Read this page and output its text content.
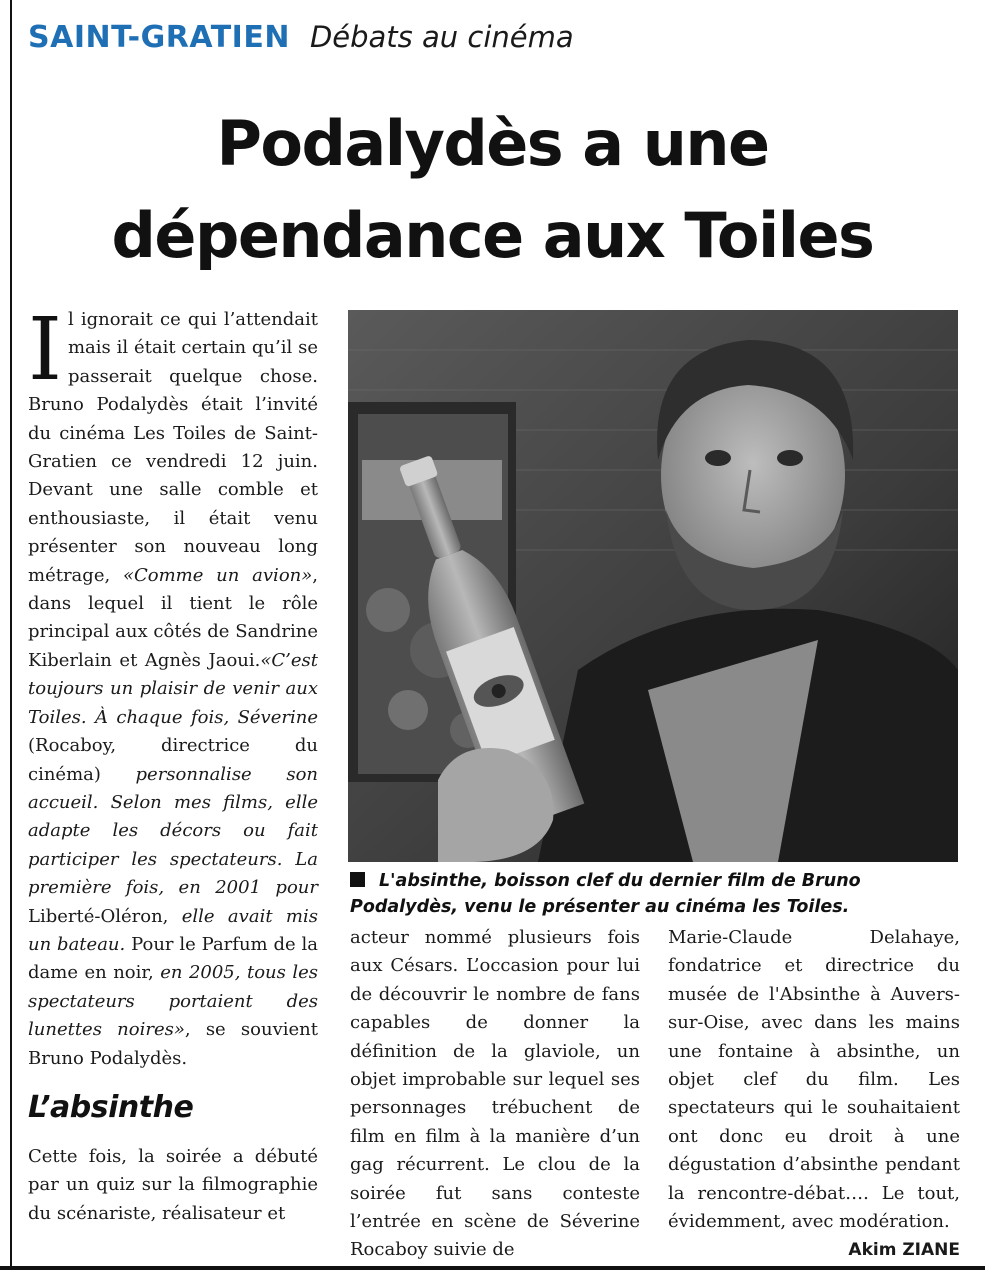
SAINT-GRATIEN Débats au cinéma
Podalydès a une
dépendance aux Toiles

Il ignorait ce qui l’attendait mais il était certain qu’il se passerait quelque chose. Bruno Podalydès était l’invité du cinéma Les Toiles de Saint-Gratien ce vendredi 12 juin. Devant une salle comble et enthousiaste, il était venu présenter son nouveau long métrage, «Comme un avion», dans lequel il tient le rôle principal aux côtés de Sandrine Kiberlain et Agnès Jaoui.«C’est toujours un plaisir de venir aux Toiles. À chaque fois, Séverine (Rocaboy, directrice du cinéma) personnalise son accueil. Selon mes films, elle adapte les décors ou fait participer les spectateurs. La première fois, en 2001 pour Liberté-Oléron, elle avait mis un bateau. Pour le Parfum de la dame en noir, en 2005, tous les spectateurs portaient des lunettes noires», se souvient Bruno Podalydès.

L’absinthe

Cette fois, la soirée a débuté par un quiz sur la filmographie du scénariste, réalisateur et

L'absinthe, boisson clef du dernier film de Bruno Podalydès, venu le présenter au cinéma les Toiles.

acteur nommé plusieurs fois aux Césars. L’occasion pour lui de découvrir le nombre de fans capables de donner la définition de la glaviole, un objet improbable sur lequel ses personnages trébuchent de film en film à la manière d’un gag récurrent. Le clou de la soirée fut sans conteste l’entrée en scène de Séverine Rocaboy suivie de

Marie-Claude Delahaye, fondatrice et directrice du musée de l'Absinthe à Auvers-sur-Oise, avec dans les mains une fontaine à absinthe, un objet clef du film. Les spectateurs qui le souhaitaient ont donc eu droit à une dégustation d’absinthe pendant la rencontre-débat…. Le tout, évidemment, avec modération.
Akim ZIANE
